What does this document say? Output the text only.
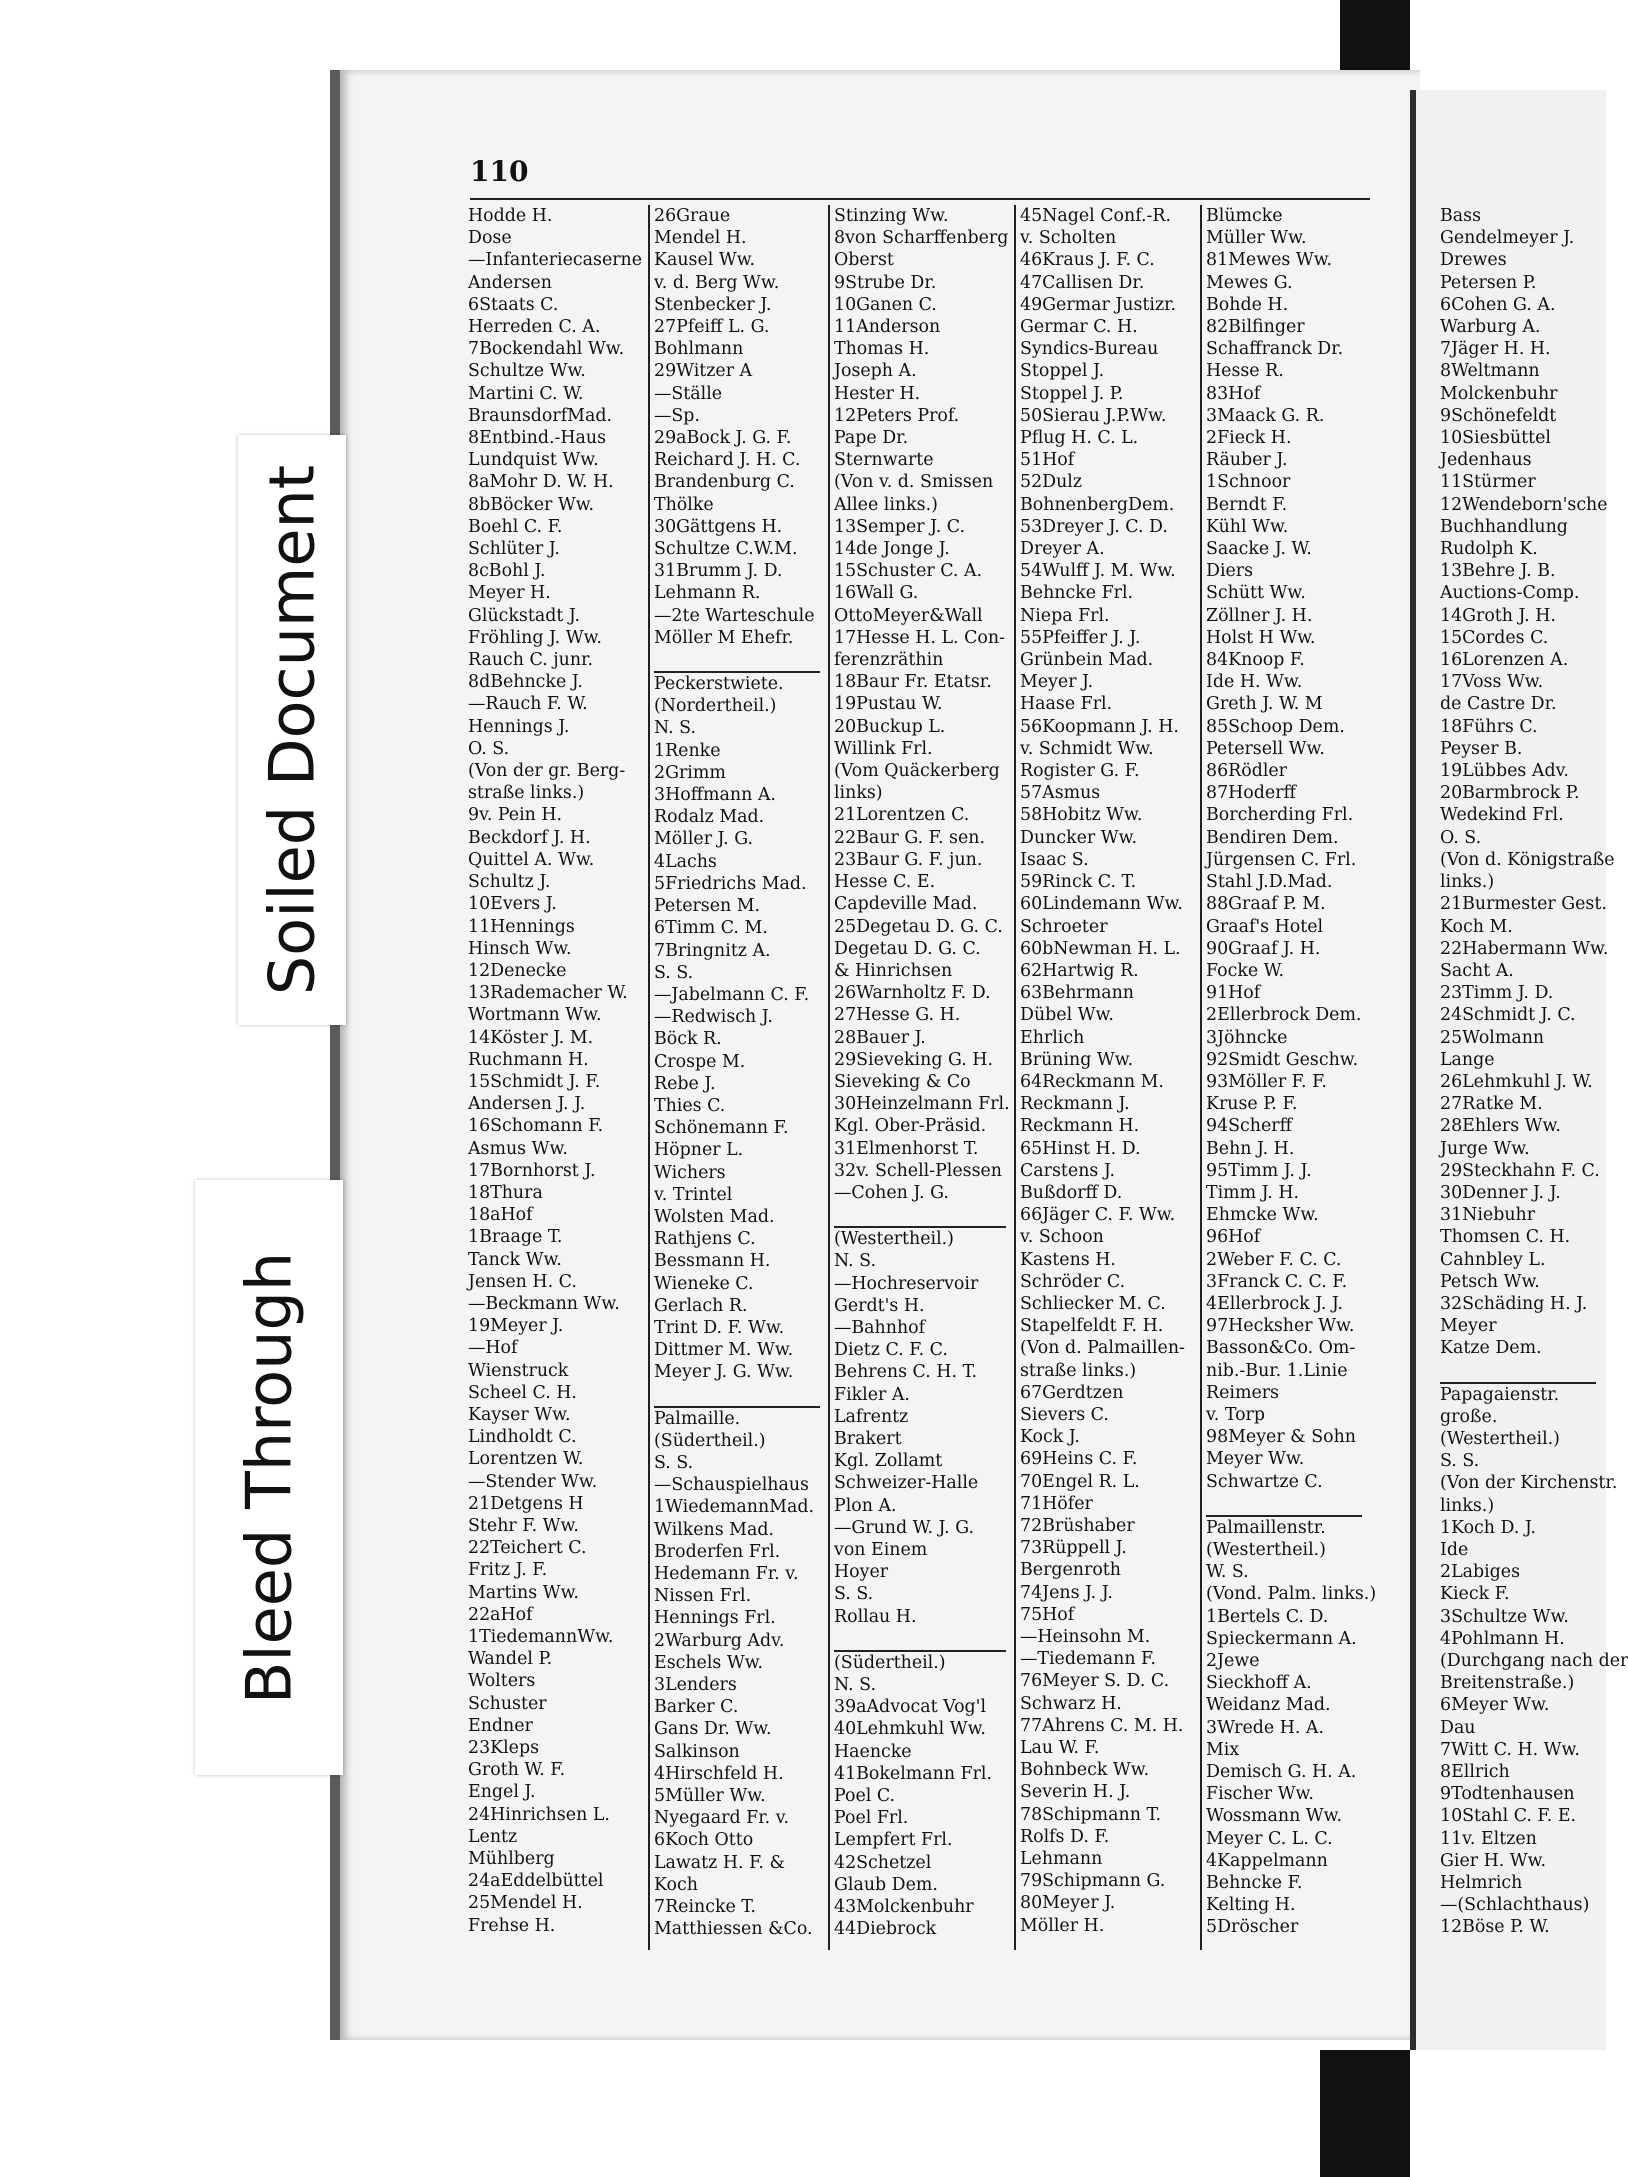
Soiled Document
Bleed Through
110
Hodde H.
Dose
—Infanteriecaserne
Andersen
6Staats C.
Herreden C. A.
7Bockendahl Ww.
Schultze Ww.
Martini C. W.
BraunsdorfMad.
8Entbind.-Haus
Lundquist Ww.
8aMohr D. W. H.
8bBöcker Ww.
Boehl C. F.
Schlüter J.
8cBohl J.
Meyer H.
Glückstadt J.
Fröhling J. Ww.
Rauch C. junr.
8dBehncke J.
—Rauch F. W.
Hennings J.
O. S.
(Von der gr. Berg-
straße links.)
9v. Pein H.
Beckdorf J. H.
Quittel A. Ww.
Schultz J.
10Evers J.
11Hennings
Hinsch Ww.
12Denecke
13Rademacher W.
Wortmann Ww.
14Köster J. M.
Ruchmann H.
15Schmidt J. F.
Andersen J. J.
16Schomann F.
Asmus Ww.
17Bornhorst J.
18Thura
18aHof
1Braage T.
Tanck Ww.
Jensen H. C.
—Beckmann Ww.
19Meyer J.
—Hof
Wienstruck
Scheel C. H.
Kayser Ww.
Lindholdt C.
Lorentzen W.
—Stender Ww.
21Detgens H
Stehr F. Ww.
22Teichert C.
Fritz J. F.
Martins Ww.
22aHof
1TiedemannWw.
Wandel P.
Wolters
Schuster
Endner
23Kleps
Groth W. F.
Engel J.
24Hinrichsen L.
Lentz
Mühlberg
24aEddelbüttel
25Mendel H.
Frehse H.
26Graue
Mendel H.
Kausel Ww.
v. d. Berg Ww.
Stenbecker J.
27Pfeiff L. G.
Bohlmann
29Witzer A
—Ställe
—Sp.
29aBock J. G. F.
Reichard J. H. C.
Brandenburg C.
Thölke
30Gättgens H.
Schultze C.W.M.
31Brumm J. D.
Lehmann R.
—2te Warteschule
Möller M Ehefr.
Peckerstwiete.
(Nordertheil.)
N. S.
1Renke
2Grimm
3Hoffmann A.
Rodalz Mad.
Möller J. G.
4Lachs
5Friedrichs Mad.
Petersen M.
6Timm C. M.
7Bringnitz A.
S. S.
—Jabelmann C. F.
—Redwisch J.
Böck R.
Crospe M.
Rebe J.
Thies C.
Schönemann F.
Höpner L.
Wichers
v. Trintel
Wolsten Mad.
Rathjens C.
Bessmann H.
Wieneke C.
Gerlach R.
Trint D. F. Ww.
Dittmer M. Ww.
Meyer J. G. Ww.
Palmaille.
(Südertheil.)
S. S.
—Schauspielhaus
1WiedemannMad.
Wilkens Mad.
Broderfen Frl.
Hedemann Fr. v.
Nissen Frl.
Hennings Frl.
2Warburg Adv.
Eschels Ww.
3Lenders
Barker C.
Gans Dr. Ww.
Salkinson
4Hirschfeld H.
5Müller Ww.
Nyegaard Fr. v.
6Koch Otto
Lawatz H. F. &
Koch
7Reincke T.
Matthiessen &Co.
Stinzing Ww.
8von Scharffenberg
Oberst
9Strube Dr.
10Ganen C.
11Anderson
Thomas H.
Joseph A.
Hester H.
12Peters Prof.
Pape Dr.
Sternwarte
(Von v. d. Smissen
Allee links.)
13Semper J. C.
14de Jonge J.
15Schuster C. A.
16Wall G.
OttoMeyer&Wall
17Hesse H. L. Con-
ferenzräthin
18Baur Fr. Etatsr.
19Pustau W.
20Buckup L.
Willink Frl.
(Vom Quäckerberg
links)
21Lorentzen C.
22Baur G. F. sen.
23Baur G. F. jun.
Hesse C. E.
Capdeville Mad.
25Degetau D. G. C.
Degetau D. G. C.
& Hinrichsen
26Warnholtz F. D.
27Hesse G. H.
28Bauer J.
29Sieveking G. H.
Sieveking & Co
30Heinzelmann Frl.
Kgl. Ober-Präsid.
31Elmenhorst T.
32v. Schell-Plessen
—Cohen J. G.
(Westertheil.)
N. S.
—Hochreservoir
Gerdt's H.
—Bahnhof
Dietz C. F. C.
Behrens C. H. T.
Fikler A.
Lafrentz
Brakert
Kgl. Zollamt
Schweizer-Halle
Plon A.
—Grund W. J. G.
von Einem
Hoyer
S. S.
Rollau H.
(Südertheil.)
N. S.
39aAdvocat Vog'l
40Lehmkuhl Ww.
Haencke
41Bokelmann Frl.
Poel C.
Poel Frl.
Lempfert Frl.
42Schetzel
Glaub Dem.
43Molckenbuhr
44Diebrock
45Nagel Conf.-R.
v. Scholten
46Kraus J. F. C.
47Callisen Dr.
49Germar Justizr.
Germar C. H.
Syndics-Bureau
Stoppel J.
Stoppel J. P.
50Sierau J.P.Ww.
Pflug H. C. L.
51Hof
52Dulz
BohnenbergDem.
53Dreyer J. C. D.
Dreyer A.
54Wulff J. M. Ww.
Behncke Frl.
Niepa Frl.
55Pfeiffer J. J.
Grünbein Mad.
Meyer J.
Haase Frl.
56Koopmann J. H.
v. Schmidt Ww.
Rogister G. F.
57Asmus
58Hobitz Ww.
Duncker Ww.
Isaac S.
59Rinck C. T.
60Lindemann Ww.
Schroeter
60bNewman H. L.
62Hartwig R.
63Behrmann
Dübel Ww.
Ehrlich
Brüning Ww.
64Reckmann M.
Reckmann J.
Reckmann H.
65Hinst H. D.
Carstens J.
Bußdorff D.
66Jäger C. F. Ww.
v. Schoon
Kastens H.
Schröder C.
Schliecker M. C.
Stapelfeldt F. H.
(Von d. Palmaillen-
straße links.)
67Gerdtzen
Sievers C.
Kock J.
69Heins C. F.
70Engel R. L.
71Höfer
72Brüshaber
73Rüppell J.
Bergenroth
74Jens J. J.
75Hof
—Heinsohn M.
—Tiedemann F.
76Meyer S. D. C.
Schwarz H.
77Ahrens C. M. H.
Lau W. F.
Bohnbeck Ww.
Severin H. J.
78Schipmann T.
Rolfs D. F.
Lehmann
79Schipmann G.
80Meyer J.
Möller H.
Blümcke
Müller Ww.
81Mewes Ww.
Mewes G.
Bohde H.
82Bilfinger
Schaffranck Dr.
Hesse R.
83Hof
3Maack G. R.
2Fieck H.
Räuber J.
1Schnoor
Berndt F.
Kühl Ww.
Saacke J. W.
Diers
Schütt Ww.
Zöllner J. H.
Holst H Ww.
84Knoop F.
Ide H. Ww.
Greth J. W. M
85Schoop Dem.
Petersell Ww.
86Rödler
87Hoderff
Borcherding Frl.
Bendiren Dem.
Jürgensen C. Frl.
Stahl J.D.Mad.
88Graaf P. M.
Graaf's Hotel
90Graaf J. H.
Focke W.
91Hof
2Ellerbrock Dem.
3Jöhncke
92Smidt Geschw.
93Möller F. F.
Kruse P. F.
94Scherff
Behn J. H.
95Timm J. J.
Timm J. H.
Ehmcke Ww.
96Hof
2Weber F. C. C.
3Franck C. C. F.
4Ellerbrock J. J.
97Hecksher Ww.
Basson&Co. Om-
nib.-Bur. 1.Linie
Reimers
v. Torp
98Meyer & Sohn
Meyer Ww.
Schwartze C.
Palmaillenstr.
(Westertheil.)
W. S.
(Vond. Palm. links.)
1Bertels C. D.
Spieckermann A.
2Jewe
Sieckhoff A.
Weidanz Mad.
3Wrede H. A.
Mix
Demisch G. H. A.
Fischer Ww.
Wossmann Ww.
Meyer C. L. C.
4Kappelmann
Behncke F.
Kelting H.
5Dröscher
Bass
Gendelmeyer J.
Drewes
Petersen P.
6Cohen G. A.
Warburg A.
7Jäger H. H.
8Weltmann
Molckenbuhr
9Schönefeldt
10Siesbüttel
Jedenhaus
11Stürmer
12Wendeborn'sche
Buchhandlung
Rudolph K.
13Behre J. B.
Auctions-Comp.
14Groth J. H.
15Cordes C.
16Lorenzen A.
17Voss Ww.
de Castre Dr.
18Führs C.
Peyser B.
19Lübbes Adv.
20Barmbrock P.
Wedekind Frl.
O. S.
(Von d. Königstraße
links.)
21Burmester Gest.
Koch M.
22Habermann Ww.
Sacht A.
23Timm J. D.
24Schmidt J. C.
25Wolmann
Lange
26Lehmkuhl J. W.
27Ratke M.
28Ehlers Ww.
Jurge Ww.
29Steckhahn F. C.
30Denner J. J.
31Niebuhr
Thomsen C. H.
Cahnbley L.
Petsch Ww.
32Schäding H. J.
Meyer
Katze Dem.
Papagaienstr.
große.
(Westertheil.)
S. S.
(Von der Kirchenstr.
links.)
1Koch D. J.
Ide
2Labiges
Kieck F.
3Schultze Ww.
4Pohlmann H.
(Durchgang nach der
Breitenstraße.)
6Meyer Ww.
Dau
7Witt C. H. Ww.
8Ellrich
9Todtenhausen
10Stahl C. F. E.
11v. Eltzen
Gier H. Ww.
Helmrich
—(Schlachthaus)
12Böse P. W.
